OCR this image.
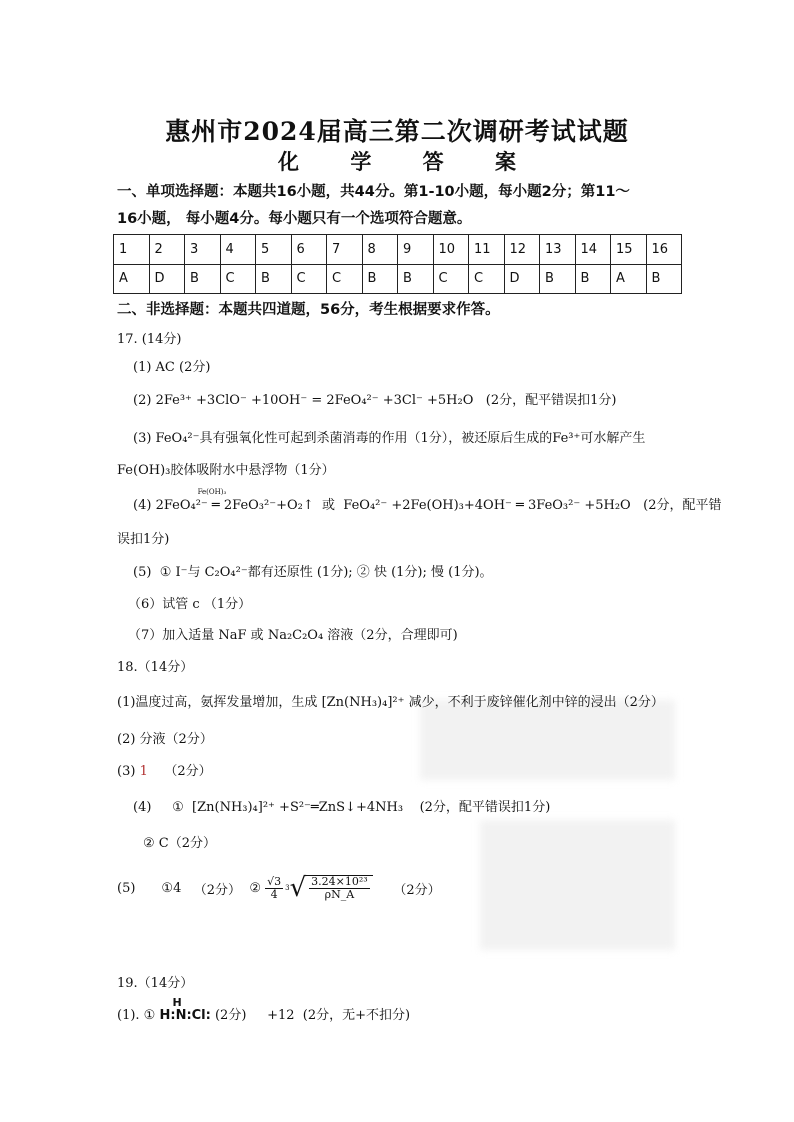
惠州市2024届高三第二次调研考试试题
化 学 答 案
一、单项选择题：本题共16小题，共44分。第1-10小题，每小题2分；第11～
16小题， 每小题4分。每小题只有一个选项符合题意。
1	2	3	4	5	6	7	8	9	10	11	12	13	14	15	16
A	D	B	C	B	C	C	B	B	C	C	D	B	B	A	B
二、非选择题：本题共四道题，56分，考生根据要求作答。
17. (14分)
(1) AC (2分)
(2) 2Fe³⁺ +3ClO⁻ +10OH⁻ = 2FeO₄²⁻ +3Cl⁻ +5H₂O (2分，配平错误扣1分)
(3) FeO₄²⁻具有强氧化性可起到杀菌消毒的作用（1分），被还原后生成的Fe³⁺可水解产生
Fe(OH)₃胶体吸附水中悬浮物（1分）
(4)
Fe(OH)₃
2FeO₄²⁻ ═ 2FeO₃²⁻+O₂↑ 或 FeO₄²⁻ +2Fe(OH)₃+4OH⁻ ═ 3FeO₃²⁻ +5H₂O (2分，配平错
误扣1分)
(5) ① I⁻与 C₂O₄²⁻都有还原性 (1分); ② 快 (1分); 慢 (1分)。
（6）试管 c （1分）
（7）加入适量 NaF 或 Na₂C₂O₄ 溶液（2分，合理即可)
18.（14分）
(1)温度过高，氨挥发量增加，生成 [Zn(NH₃)₄]²⁺ 减少，不利于废锌催化剂中锌的浸出（2分）
(2) 分液（2分）
(3) 1 （2分）
(4) ① [Zn(NH₃)₄]²⁺ +S²⁻═ZnS↓+4NH₃ (2分，配平错误扣1分)
② C（2分）
(5) ① 4
（2分）
②
$\frac{√3}{4} 3$ √ $\frac{\text{3.24×10²³}}{\rho N\_A}$
（2分）
19.（14分）
(1). ①
H
H:N:Cl: (2分) +12 (2分，无+不扣分)
